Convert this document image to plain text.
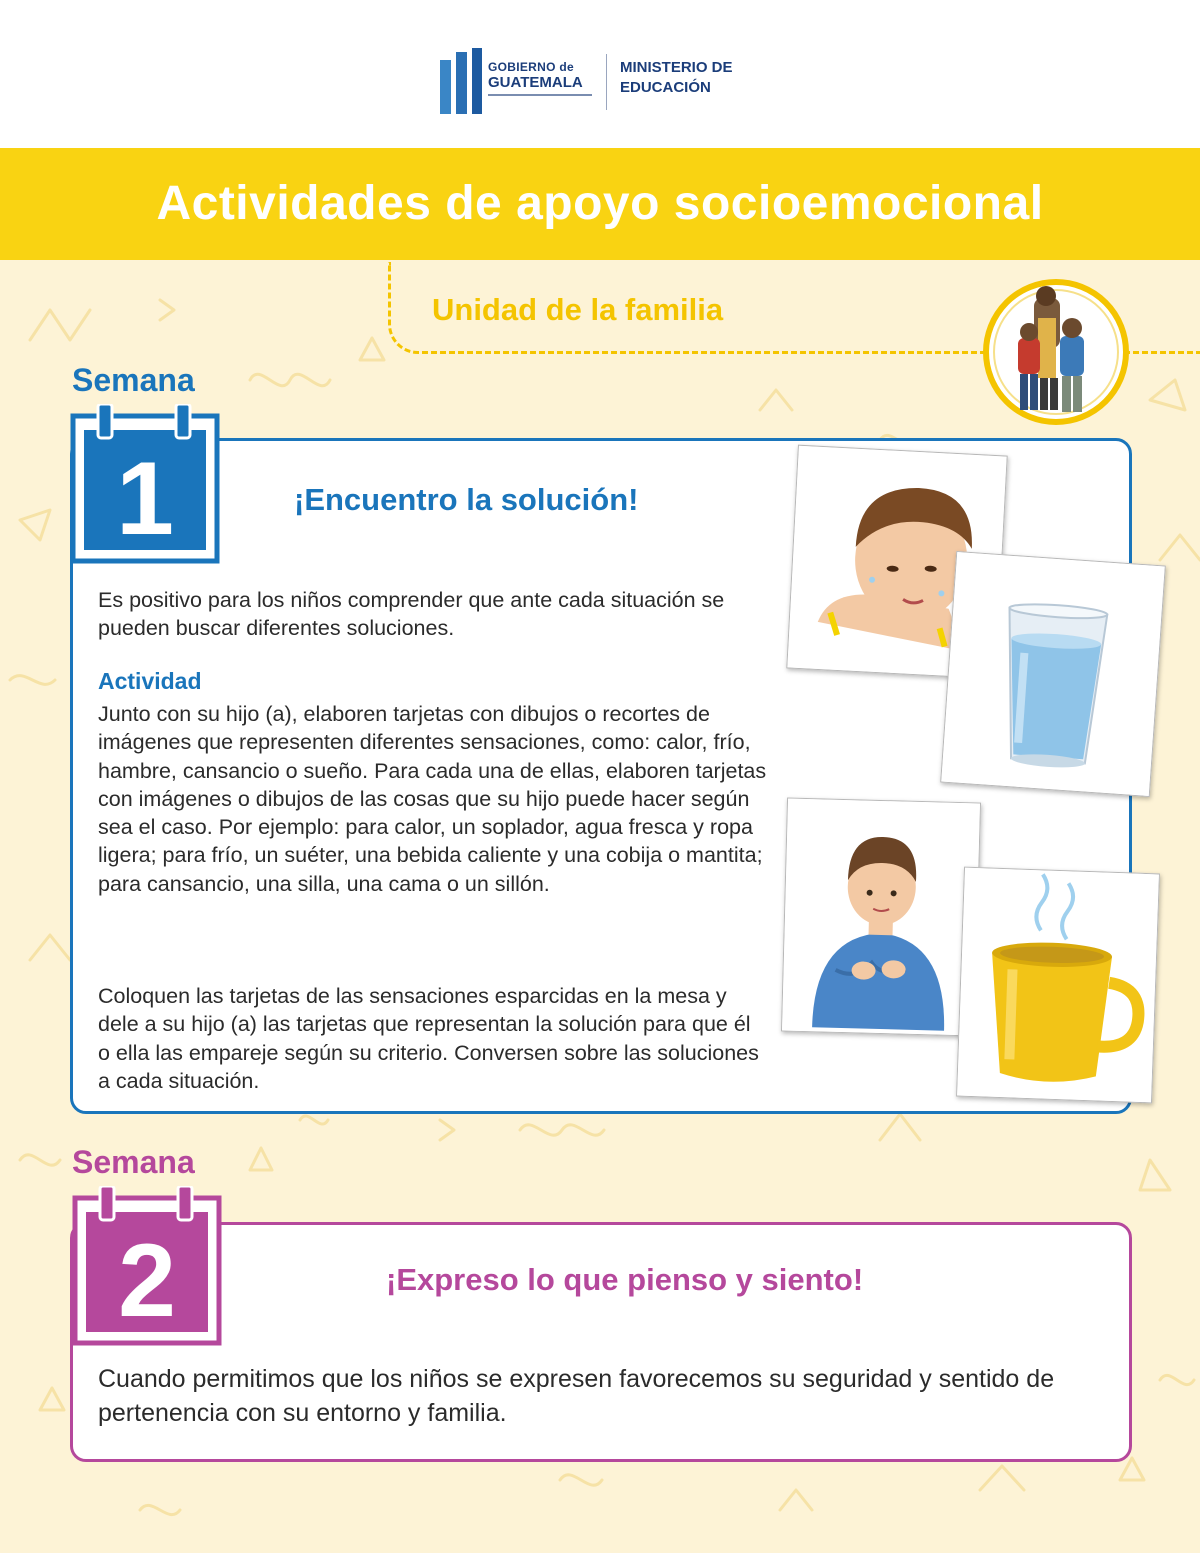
GOBIERNO de
GUATEMALA
MINISTERIO DE EDUCACIÓN
Actividades de apoyo socioemocional
Unidad de la familia
Semana
1	¡Encuentro la solución!
Es positivo para los niños comprender que ante cada situación se pueden buscar diferentes soluciones.
Actividad
Junto con su hijo (a), elaboren tarjetas con dibujos o recortes de imágenes que representen diferentes sensaciones, como: calor, frío, hambre, cansancio o sueño. Para cada una de ellas, elaboren tarjetas con imágenes o dibujos de las cosas que su hijo puede hacer según sea el caso. Por ejemplo: para calor, un soplador, agua fresca y ropa ligera; para frío, un suéter, una bebida caliente y una cobija o mantita; para cansancio, una silla, una cama o un sillón.
Coloquen las tarjetas de las sensaciones esparcidas en la mesa y dele a su hijo (a) las tarjetas que representan la solución para que él o ella las empareje según su criterio. Conversen sobre las soluciones a cada situación.
Semana
2	¡Expreso lo que pienso y siento!
Cuando permitimos que los niños se expresen favorecemos su seguridad y sentido de pertenencia con su entorno y familia.
